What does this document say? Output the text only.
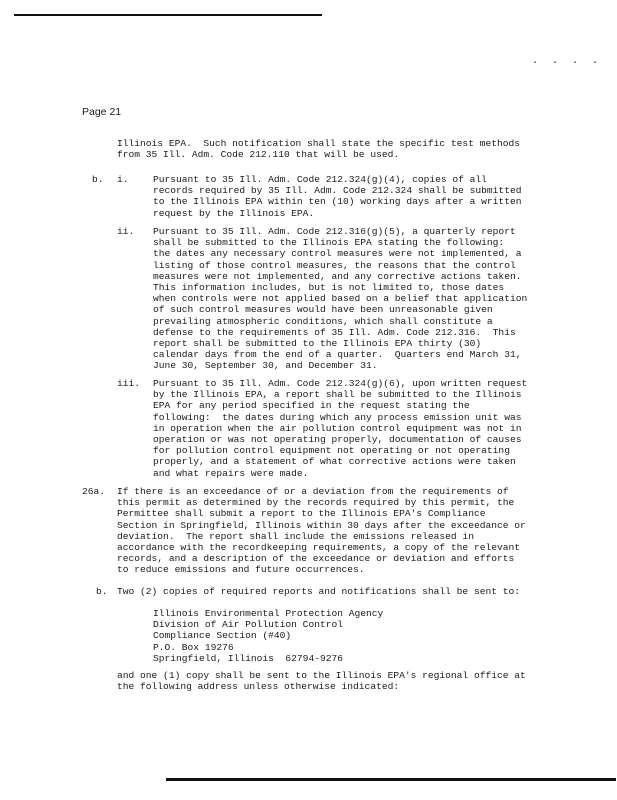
. . . .
Page 21
Illinois EPA.  Such notification shall state the specific test methods
from 35 Ill. Adm. Code 212.110 that will be used.
b. i.	Pursuant to 35 Ill. Adm. Code 212.324(g)(4), copies of all
records required by 35 Ill. Adm. Code 212.324 shall be submitted
to the Illinois EPA within ten (10) working days after a written
request by the Illinois EPA.
ii. Pursuant to 35 Ill. Adm. Code 212.316(g)(5), a quarterly report
shall be submitted to the Illinois EPA stating the following:
the dates any necessary control measures were not implemented, a
listing of those control measures, the reasons that the control
measures were not implemented, and any corrective actions taken.
This information includes, but is not limited to, those dates
when controls were not applied based on a belief that application
of such control measures would have been unreasonable given
prevailing atmospheric conditions, which shall constitute a
defense to the requirements of 35 Ill. Adm. Code 212.316.  This
report shall be submitted to the Illinois EPA thirty (30)
calendar days from the end of a quarter.  Quarters end March 31,
June 30, September 30, and December 31.
iii. Pursuant to 35 Ill. Adm. Code 212.324(g)(6), upon written request
by the Illinois EPA, a report shall be submitted to the Illinois
EPA for any period specified in the request stating the
following:  the dates during which any process emission unit was
in operation when the air pollution control equipment was not in
operation or was not operating properly, documentation of causes
for pollution control equipment not operating or not operating
properly, and a statement of what corrective actions were taken
and what repairs were made.
26a. If there is an exceedance of or a deviation from the requirements of
this permit as determined by the records required by this permit, the
Permittee shall submit a report to the Illinois EPA's Compliance
Section in Springfield, Illinois within 30 days after the exceedance or
deviation.  The report shall include the emissions released in
accordance with the recordkeeping requirements, a copy of the relevant
records, and a description of the exceedance or deviation and efforts
to reduce emissions and future occurrences.
b. Two (2) copies of required reports and notifications shall be sent to:
Illinois Environmental Protection Agency
Division of Air Pollution Control
Compliance Section (#40)
P.O. Box 19276
Springfield, Illinois  62794-9276
and one (1) copy shall be sent to the Illinois EPA's regional office at
the following address unless otherwise indicated:
